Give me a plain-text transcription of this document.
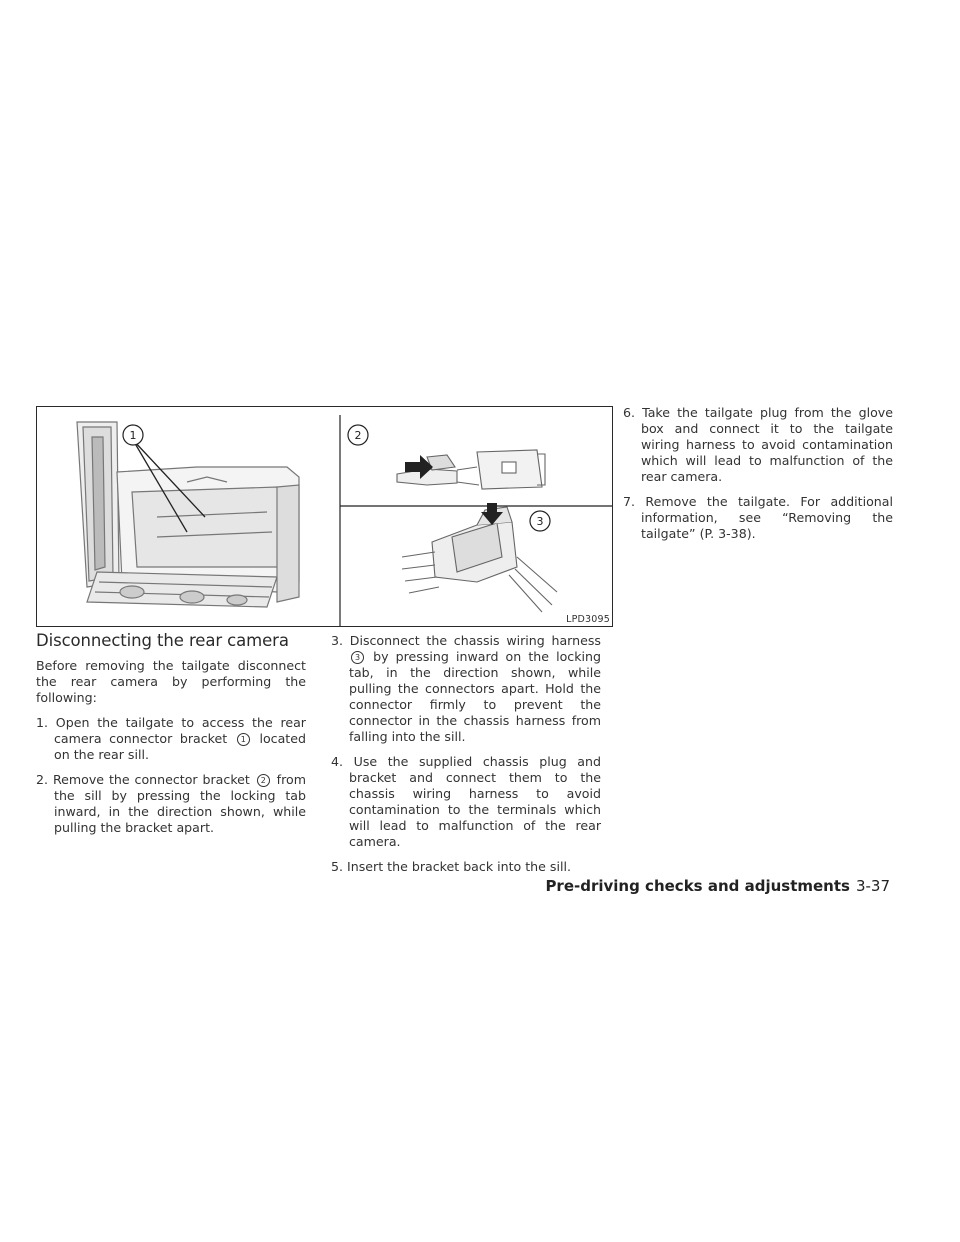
1	2
3
LPD3095
Disconnecting the rear camera

Before removing the tailgate disconnect the rear camera by performing the following:

1. Open the tailgate to access the rear camera connector bracket 1 located on the rear sill.
2. Remove the connector bracket 2 from the sill by pressing the locking tab inward, in the direction shown, while pulling the bracket apart.
3. Disconnect the chassis wiring harness 3 by pressing inward on the locking tab, in the direction shown, while pulling the connectors apart. Hold the connector firmly to prevent the connector in the chassis harness from falling into the sill.
4. Use the supplied chassis plug and bracket and connect them to the chassis wiring harness to avoid contamination to the terminals which will lead to malfunction of the rear camera.
5. Insert the bracket back into the sill.
6. Take the tailgate plug from the glove box and connect it to the tailgate wiring harness to avoid contamination which will lead to malfunction of the rear camera.
7. Remove the tailgate. For additional information, see “Removing the tailgate” (P. 3-38).
Pre-driving checks and adjustments 3-37
